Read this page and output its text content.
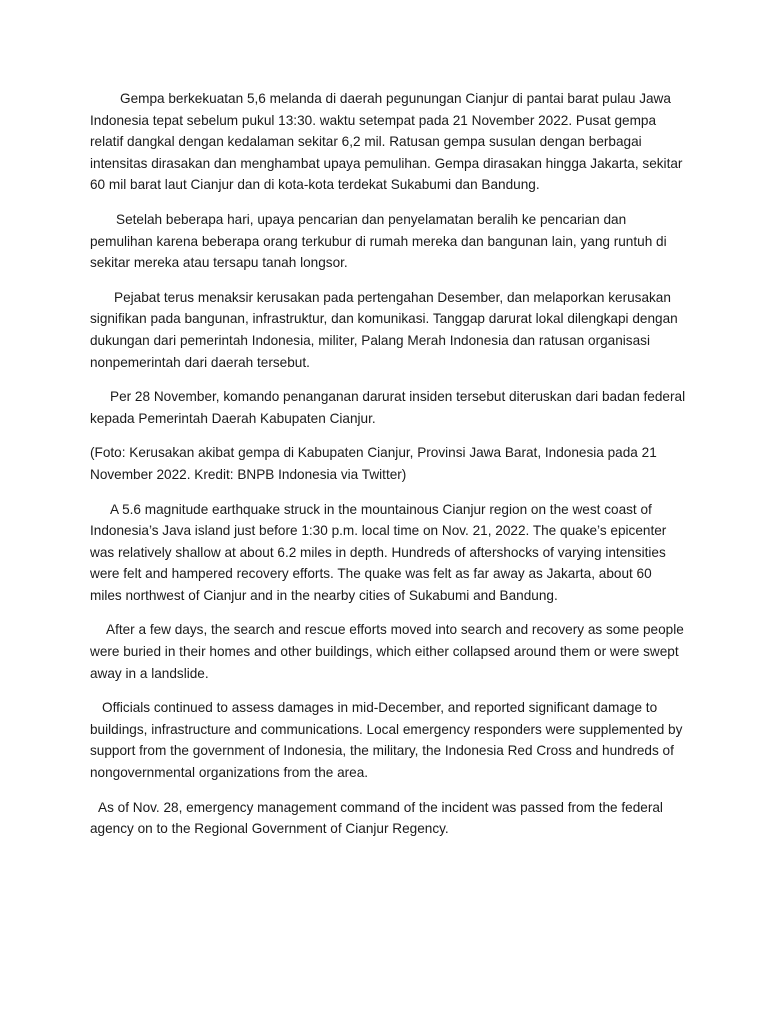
Gempa berkekuatan 5,6 melanda di daerah pegunungan Cianjur di pantai barat pulau Jawa Indonesia tepat sebelum pukul 13:30. waktu setempat pada 21 November 2022. Pusat gempa relatif dangkal dengan kedalaman sekitar 6,2 mil. Ratusan gempa susulan dengan berbagai intensitas dirasakan dan menghambat upaya pemulihan. Gempa dirasakan hingga Jakarta, sekitar 60 mil barat laut Cianjur dan di kota-kota terdekat Sukabumi dan Bandung.

Setelah beberapa hari, upaya pencarian dan penyelamatan beralih ke pencarian dan pemulihan karena beberapa orang terkubur di rumah mereka dan bangunan lain, yang runtuh di sekitar mereka atau tersapu tanah longsor.

Pejabat terus menaksir kerusakan pada pertengahan Desember, dan melaporkan kerusakan signifikan pada bangunan, infrastruktur, dan komunikasi. Tanggap darurat lokal dilengkapi dengan dukungan dari pemerintah Indonesia, militer, Palang Merah Indonesia dan ratusan organisasi nonpemerintah dari daerah tersebut.

Per 28 November, komando penanganan darurat insiden tersebut diteruskan dari badan federal kepada Pemerintah Daerah Kabupaten Cianjur.

(Foto: Kerusakan akibat gempa di Kabupaten Cianjur, Provinsi Jawa Barat, Indonesia pada 21 November 2022. Kredit: BNPB Indonesia via Twitter)

A 5.6 magnitude earthquake struck in the mountainous Cianjur region on the west coast of Indonesia’s Java island just before 1:30 p.m. local time on Nov. 21, 2022. The quake’s epicenter was relatively shallow at about 6.2 miles in depth. Hundreds of aftershocks of varying intensities were felt and hampered recovery efforts. The quake was felt as far away as Jakarta, about 60 miles northwest of Cianjur and in the nearby cities of Sukabumi and Bandung.

After a few days, the search and rescue efforts moved into search and recovery as some people were buried in their homes and other buildings, which either collapsed around them or were swept away in a landslide.

Officials continued to assess damages in mid-December, and reported significant damage to buildings, infrastructure and communications. Local emergency responders were supplemented by support from the government of Indonesia, the military, the Indonesia Red Cross and hundreds of nongovernmental organizations from the area.

As of Nov. 28, emergency management command of the incident was passed from the federal agency on to the Regional Government of Cianjur Regency.
